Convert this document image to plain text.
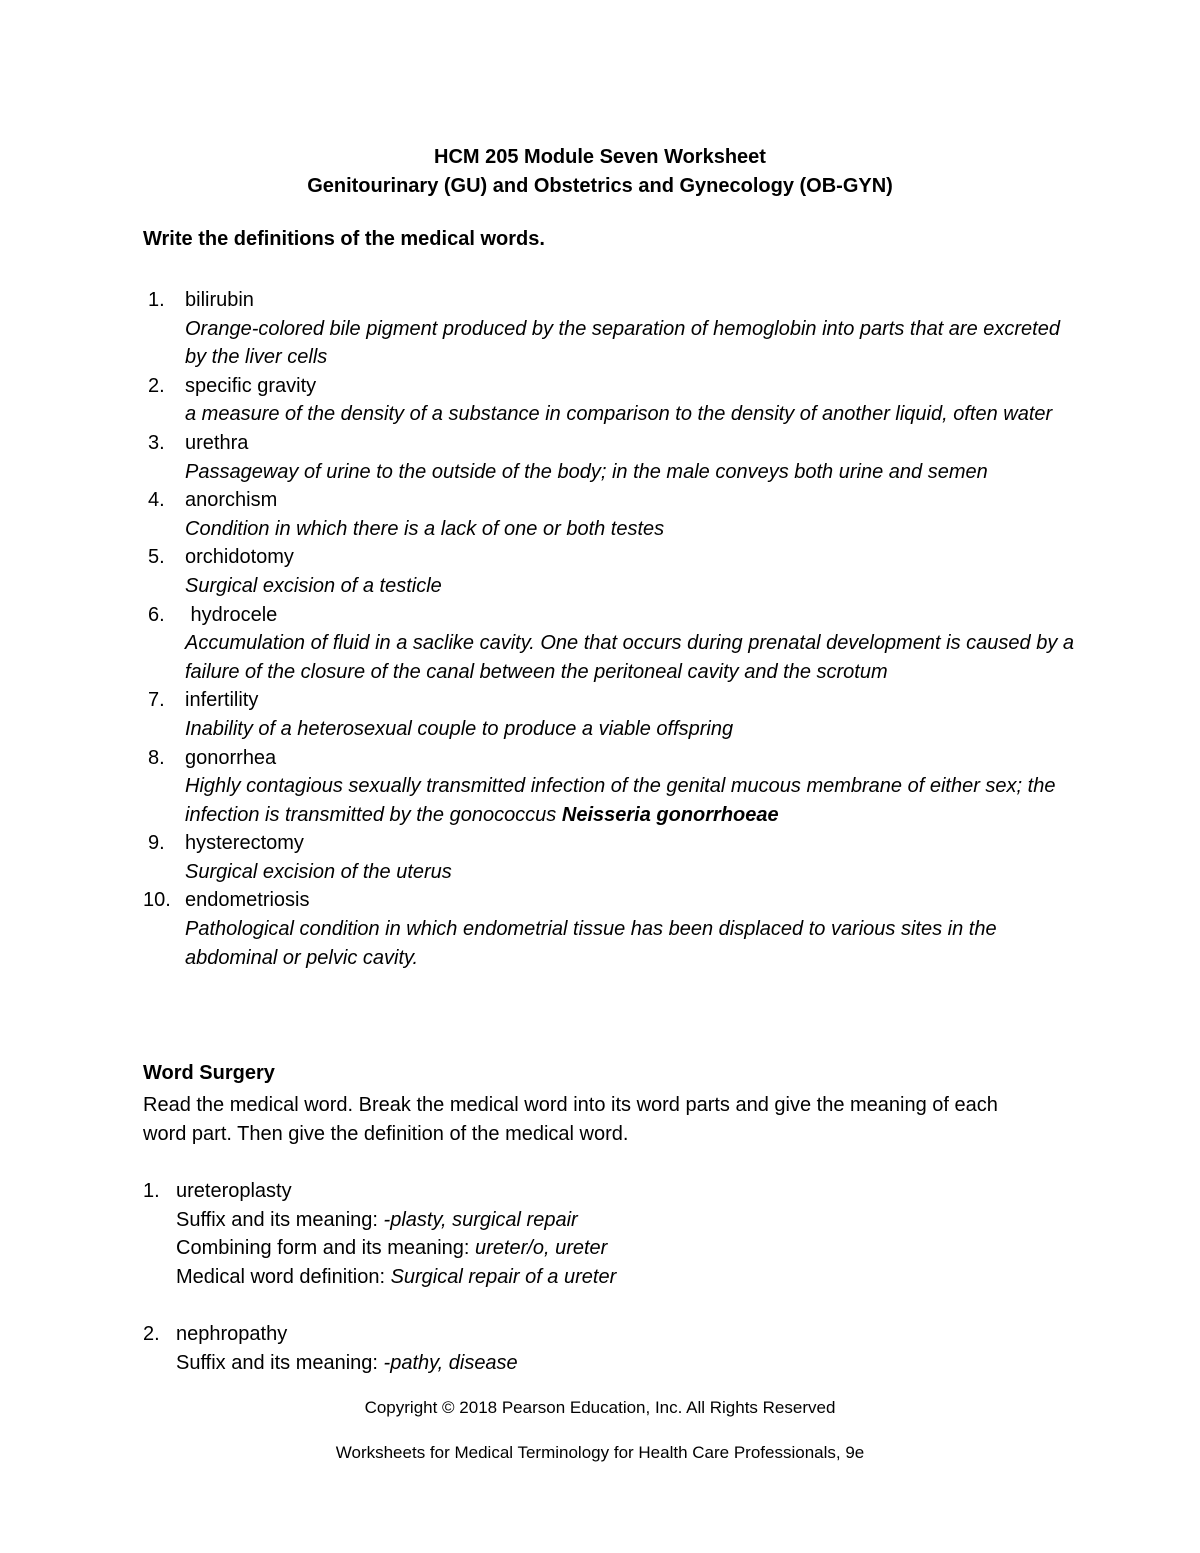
HCM 205 Module Seven Worksheet
Genitourinary (GU) and Obstetrics and Gynecology (OB-GYN)
Write the definitions of the medical words.
1. bilirubin
Orange-colored bile pigment produced by the separation of hemoglobin into parts that are excreted by the liver cells
2. specific gravity
a measure of the density of a substance in comparison to the density of another liquid, often water
3. urethra
Passageway of urine to the outside of the body; in the male conveys both urine and semen
4. anorchism
Condition in which there is a lack of one or both testes
5. orchidotomy
Surgical excision of a testicle
6. hydrocele
Accumulation of fluid in a saclike cavity. One that occurs during prenatal development is caused by a failure of the closure of the canal between the peritoneal cavity and the scrotum
7. infertility
Inability of a heterosexual couple to produce a viable offspring
8. gonorrhea
Highly contagious sexually transmitted infection of the genital mucous membrane of either sex; the infection is transmitted by the gonococcus Neisseria gonorrhoeae
9. hysterectomy
Surgical excision of the uterus
10. endometriosis
Pathological condition in which endometrial tissue has been displaced to various sites in the abdominal or pelvic cavity.
Word Surgery
Read the medical word. Break the medical word into its word parts and give the meaning of each word part. Then give the definition of the medical word.
1. ureteroplasty
Suffix and its meaning: -plasty, surgical repair
Combining form and its meaning: ureter/o, ureter
Medical word definition: Surgical repair of a ureter
2. nephropathy
Suffix and its meaning: -pathy, disease
Copyright © 2018 Pearson Education, Inc. All Rights Reserved
Worksheets for Medical Terminology for Health Care Professionals, 9e
